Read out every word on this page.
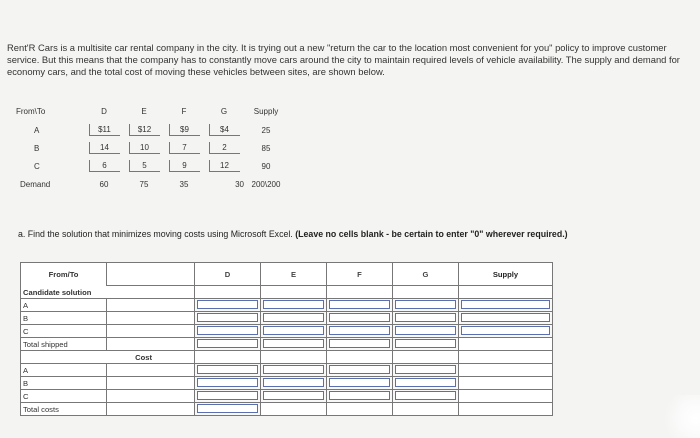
Rent'R Cars is a multisite car rental company in the city. It is trying out a new "return the car to the location most convenient for you" policy to improve customer service. But this means that the company has to constantly move cars around the city to maintain required levels of vehicle availability. The supply and demand for economy cars, and the total cost of moving these vehicles between sites, are shown below.

From\To	D	E	F	G	Supply
A	$11	$12	$9	$4	25
B	14	10	7	2	85
C	6	5	9	12	90
Demand	60	75	35	30	200\200

a. Find the solution that minimizes moving costs using Microsoft Excel. (Leave no cells blank - be certain to enter "0" wherever required.)

From/To		D	E	F	G	Supply
Candidate solution						
A						
B						
C						
Total shipped						
Cost						
A						
B						
C						
Total costs						
